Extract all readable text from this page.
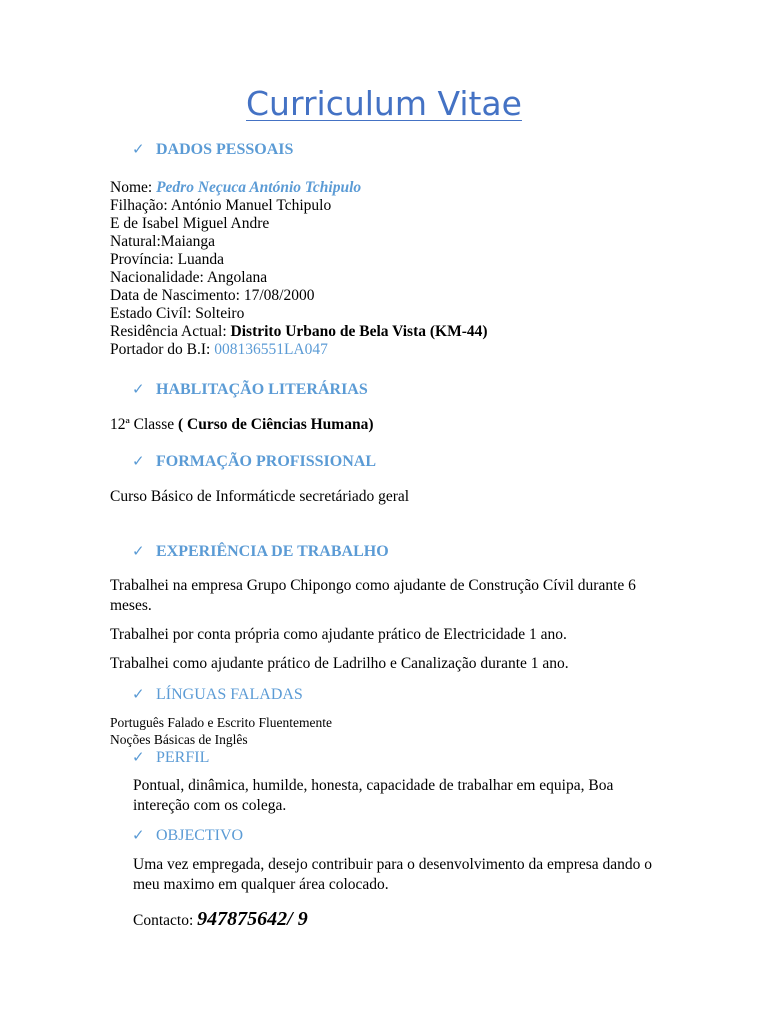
Curriculum Vitae
✓ DADOS PESSOAIS
Nome: Pedro Neçuca António Tchipulo
Filhação: António Manuel Tchipulo
E de Isabel Miguel Andre
Natural:Maianga
Província: Luanda
Nacionalidade: Angolana
Data de Nascimento: 17/08/2000
Estado Civíl: Solteiro
Residência Actual: Distrito Urbano de Bela Vista (KM-44)
Portador do B.I: 008136551LA047
✓ HABLITAÇÃO LITERÁRIAS
12ª Classe ( Curso de Ciências Humana)
✓ FORMAÇÃO PROFISSIONAL
Curso Básico de Informáticde secretáriado geral
✓ EXPERIÊNCIA DE TRABALHO
Trabalhei na empresa Grupo Chipongo como ajudante de Construção Cívil durante 6 meses.
Trabalhei por conta própria como ajudante prático de Electricidade 1 ano.
Trabalhei como ajudante prático de Ladrilho e Canalização durante 1 ano.
✓ LÍNGUAS FALADAS
Português Falado e Escrito Fluentemente
Noções Básicas de Inglês
✓ PERFIL
Pontual, dinâmica, humilde, honesta, capacidade de trabalhar em equipa, Boa intereção com os colega.
✓ OBJECTIVO
Uma vez empregada, desejo contribuir para o desenvolvimento da empresa dando o meu maximo em qualquer área colocado.
Contacto: 947875642/ 9
